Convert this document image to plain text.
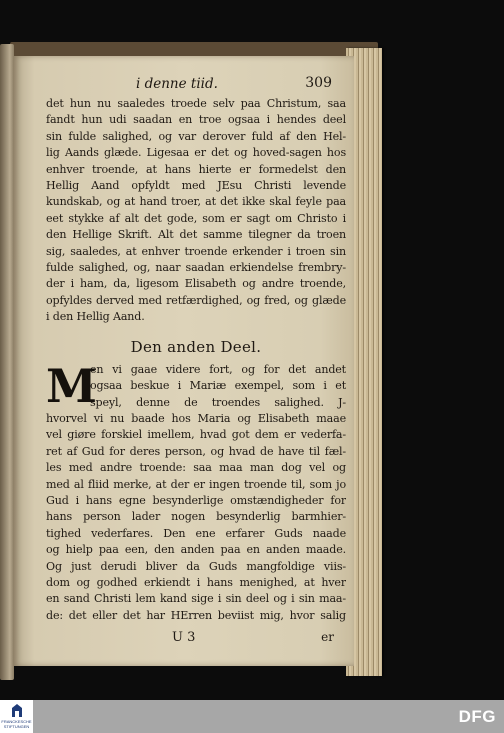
i denne tiid.	309
det hun nu saaledes troede selv paa Christum, saa
fandt hun udi saadan en troe ogsaa i hendes deel
sin fulde salighed, og var derover fuld af den Hel-
lig Aands glæde. Ligesaa er det og hoved-sagen hos
enhver troende, at hans hierte er formedelst den
Hellig Aand opfyldt med JEsu Christi levende
kundskab, og at hand troer, at det ikke skal feyle paa
eet stykke af alt det gode, som er sagt om Christo i
den Hellige Skrift. Alt det samme tilegner da troen
sig, saaledes, at enhver troende erkender i troen sin
fulde salighed, og, naar saadan erkiendelse frembry-
der i ham, da, ligesom Elisabeth og andre troende,
opfyldes derved med retfærdighed, og fred, og glæde
i den Hellig Aand.
Den anden Deel.
M
en vi gaae videre fort, og for det andet
ogsaa beskue i Mariæ exempel, som i et
speyl, denne de troendes salighed. J-
hvorvel vi nu baade hos Maria og Elisabeth maae
vel giøre forskiel imellem, hvad got dem er vederfa-
ret af Gud for deres person, og hvad de have til fæl-
les med andre troende: saa maa man dog vel og
med al fliid merke, at der er ingen troende til, som jo
Gud i hans egne besynderlige omstændigheder for
hans person lader nogen besynderlig barmhier-
tighed vederfares. Den ene erfarer Guds naade
og hielp paa een, den anden paa en anden maade.
Og just derudi bliver da Guds mangfoldige viis-
dom og godhed erkiendt i hans menighed, at hver
en sand Christi lem kand sige i sin deel og i sin maa-
de: det eller det har HErren beviist mig, hvor salig
U 3	er
FRANCKESCHE
STIFTUNGEN
DFG
